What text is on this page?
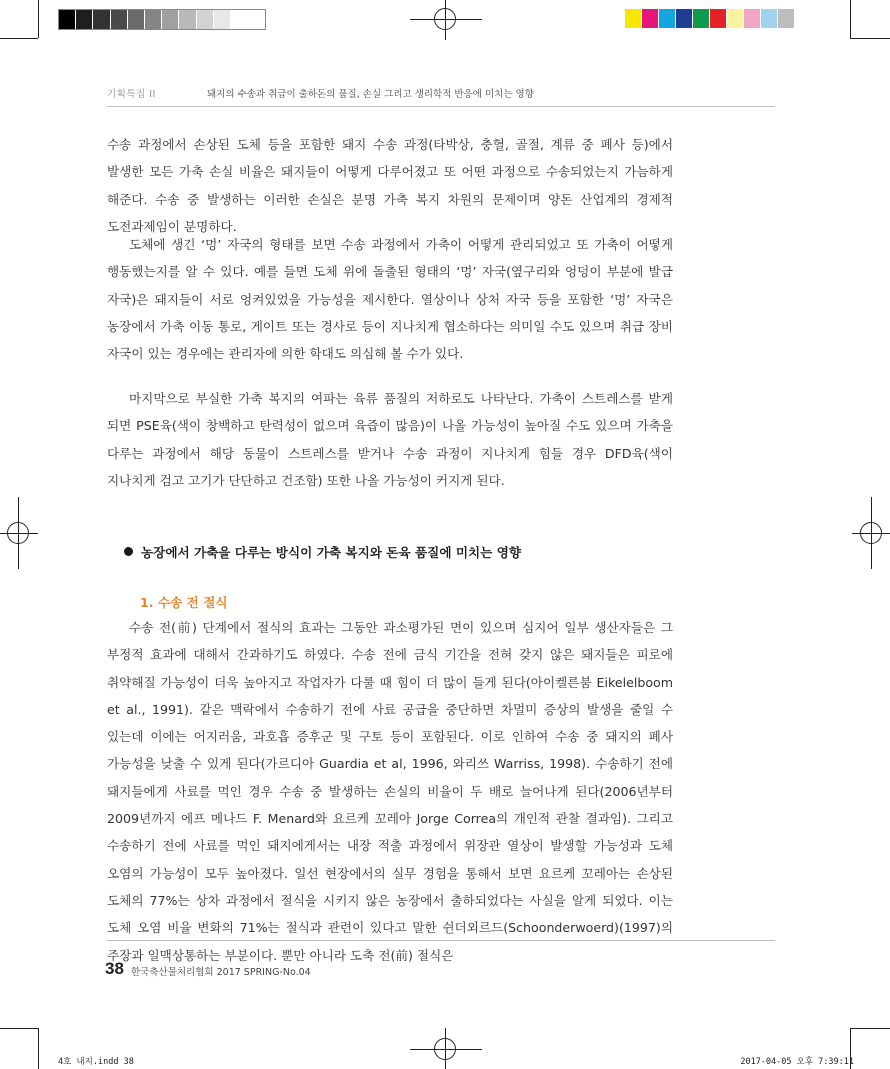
기획특집 II	돼지의 수송과 취급이 출하돈의 품질, 손실 그리고 생리학적 반응에 미치는 영향

수송 과정에서 손상된 도체 등을 포함한 돼지 수송 과정(타박상, 충혈, 골절, 계류 중 폐사 등)에서 발생한 모든 가축 손실 비율은 돼지들이 어떻게 다루어졌고 또 어떤 과정으로 수송되었는지 가늠하게 해준다. 수송 중 발생하는 이러한 손실은 분명 가축 복지 차원의 문제이며 양돈 산업계의 경제적 도전과제임이 분명하다.

도체에 생긴 ‘멍’ 자국의 형태를 보면 수송 과정에서 가축이 어떻게 관리되었고 또 가축이 어떻게 행동했는지를 알 수 있다. 예를 들면 도체 위에 돌출된 형태의 ‘멍’ 자국(옆구리와 엉덩이 부분에 발급 자국)은 돼지들이 서로 엉켜있었을 가능성을 제시한다. 열상이나 상처 자국 등을 포함한 ‘멍’ 자국은 농장에서 가축 이동 통로, 게이트 또는 경사로 등이 지나치게 협소하다는 의미일 수도 있으며 취급 장비 자국이 있는 경우에는 관리자에 의한 학대도 의심해 볼 수가 있다.

마지막으로 부실한 가축 복지의 여파는 육류 품질의 저하로도 나타난다. 가축이 스트레스를 받게 되면 PSE육(색이 창백하고 탄력성이 없으며 육즙이 많음)이 나올 가능성이 높아질 수도 있으며 가축을 다루는 과정에서 해당 동물이 스트레스를 받거나 수송 과정이 지나치게 힘들 경우 DFD육(색이 지나치게 검고 고기가 단단하고 건조함) 또한 나올 가능성이 커지게 된다.

농장에서 가축을 다루는 방식이 가축 복지와 돈육 품질에 미치는 영향
1. 수송 전 절식

수송 전(前) 단계에서 절식의 효과는 그동안 과소평가된 면이 있으며 심지어 일부 생산자들은 그 부정적 효과에 대해서 간과하기도 하였다. 수송 전에 금식 기간을 전혀 갖지 않은 돼지들은 피로에 취약해질 가능성이 더욱 높아지고 작업자가 다룰 때 힘이 더 많이 들게 된다(아이켈른붐 Eikelelboom et al., 1991). 같은 맥락에서 수송하기 전에 사료 공급을 중단하면 차멀미 증상의 발생을 줄일 수 있는데 이에는 어지러움, 과호흡 증후군 및 구토 등이 포함된다. 이로 인하여 수송 중 돼지의 폐사 가능성을 낮출 수 있게 된다(가르디아 Guardia et al, 1996, 와리쓰 Warriss, 1998). 수송하기 전에 돼지들에게 사료를 먹인 경우 수송 중 발생하는 손실의 비율이 두 배로 늘어나게 된다(2006년부터 2009년까지 에프 메나드 F. Menard와 요르케 꼬레아 Jorge Correa의 개인적 관찰 결과임). 그리고 수송하기 전에 사료를 먹인 돼지에게서는 내장 적출 과정에서 위장관 열상이 발생할 가능성과 도체 오염의 가능성이 모두 높아졌다. 일선 현장에서의 실무 경험을 통해서 보면 요르케 꼬레아는 손상된 도체의 77%는 상차 과정에서 절식을 시키지 않은 농장에서 출하되었다는 사실을 알게 되었다. 이는 도체 오염 비율 변화의 71%는 절식과 관련이 있다고 말한 쉰더외르드(Schoonderwoerd)(1997)의 주장과 일맥상통하는 부분이다. 뿐만 아니라 도축 전(前) 절식은

38 한국축산물처리협회 2017 SPRING-No.04
4호 내지.indd 38	2017-04-05 오후 7:39:11
